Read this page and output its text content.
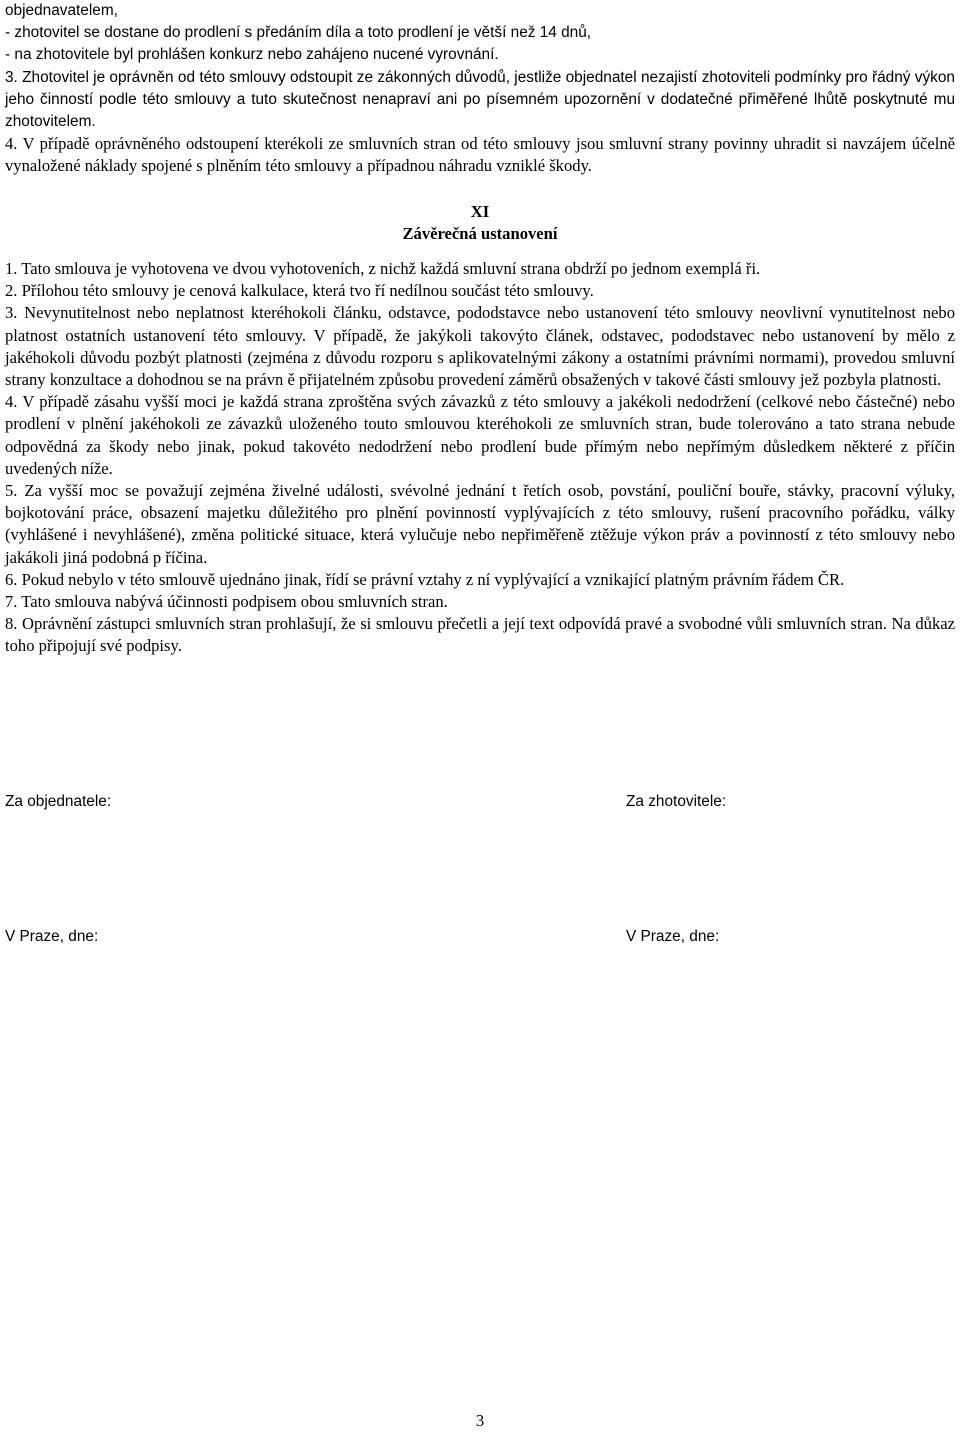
objednavatelem,
- zhotovitel se dostane do prodlení s předáním díla a toto prodlení je větší než 14 dnů,
- na zhotovitele byl prohlášen konkurz nebo zahájeno nucené vyrovnání.

3. Zhotovitel je oprávněn od této smlouvy odstoupit ze zákonných důvodů, jestliže objednatel nezajistí zhotoviteli podmínky pro řádný výkon jeho činností podle této smlouvy a tuto skutečnost nenapraví ani po písemném upozornění v dodatečné přiměřené lhůtě poskytnuté mu zhotovitelem.

4. V případě oprávněného odstoupení kterékoli ze smluvních stran od této smlouvy jsou smluvní strany povinny uhradit si navzájem účelně vynaložené náklady spojené s plněním této smlouvy a případnou náhradu vzniklé škody.

XI
Závěrečná ustanovení

1. Tato smlouva je vyhotovena ve dvou vyhotoveních, z nichž každá smluvní strana obdrží po jednom exemplá ři.

2. Přílohou této smlouvy je cenová kalkulace, která tvo ří nedílnou součást této smlouvy.

3. Nevynutitelnost nebo neplatnost kteréhokoli článku, odstavce, pododstavce nebo ustanovení této smlouvy neovlivní vynutitelnost nebo platnost ostatních ustanovení této smlouvy. V případě, že jakýkoli takovýto článek, odstavec, pododstavec nebo ustanovení by mělo z jakéhokoli důvodu pozbýt platnosti (zejména z důvodu rozporu s aplikovatelnými zákony a ostatními právními normami), provedou smluvní strany konzultace a dohodnou se na právn ě přijatelném způsobu provedení záměrů obsažených v takové části smlouvy jež pozbyla platnosti.

4. V případě zásahu vyšší moci je každá strana zproštěna svých závazků z této smlouvy a jakékoli nedodržení (celkové nebo částečné) nebo prodlení v plnění jakéhokoli ze závazků uloženého touto smlouvou kteréhokoli ze smluvních stran, bude tolerováno a tato strana nebude odpovědná za škody nebo jinak, pokud takovéto nedodržení nebo prodlení bude přímým nebo nepřímým důsledkem některé z příčin uvedených níže.

5. Za vyšší moc se považují zejména živelné události, svévolné jednání t řetích osob, povstání, pouliční bouře, stávky, pracovní výluky, bojkotování práce, obsazení majetku důležitého pro plnění povinností vyplývajících z této smlouvy, rušení pracovního pořádku, války (vyhlášené i nevyhlášené), změna politické situace, která vylučuje nebo nepřiměřeně ztěžuje výkon práv a povinností z této smlouvy nebo jakákoli jiná podobná p říčina.

6. Pokud nebylo v této smlouvě ujednáno jinak, řídí se právní vztahy z ní vyplývající a vznikající platným právním řádem ČR.

7. Tato smlouva nabývá účinnosti podpisem obou smluvních stran.

8. Oprávnění zástupci smluvních stran prohlašují, že si smlouvu přečetli a její text odpovídá pravé a svobodné vůli smluvních stran. Na důkaz toho připojují své podpisy.

Za objednatele:	Za zhotovitele:
V Praze, dne:	V Praze, dne:
3
